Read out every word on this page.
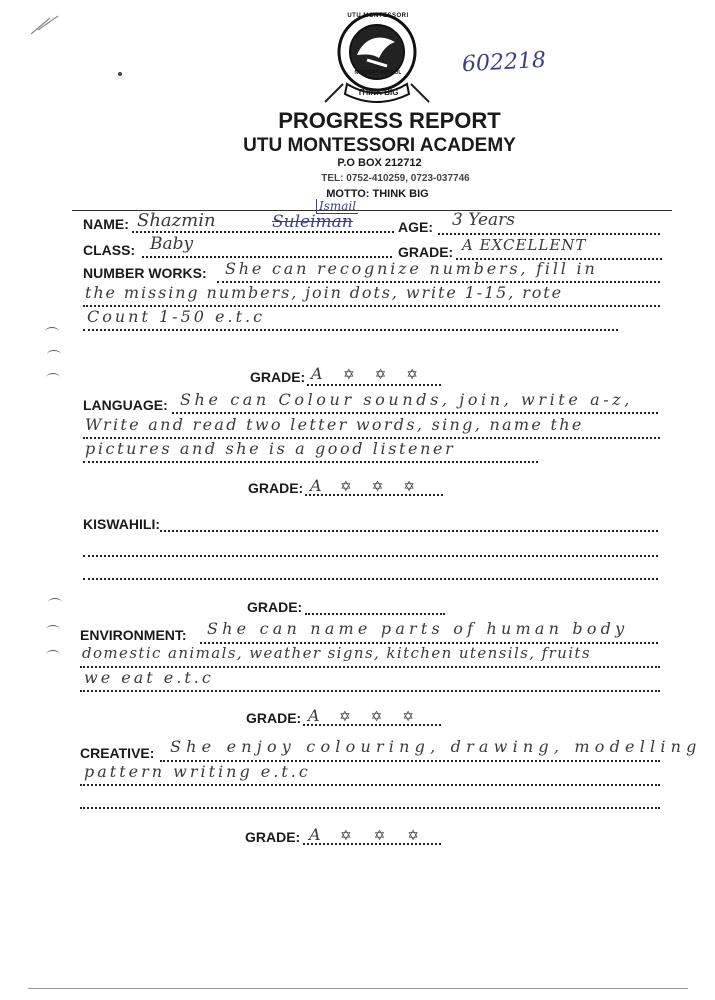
UTU MONTESSORI
NURSERY SCHOOL
THINK BIG
602218
PROGRESS REPORT
UTU MONTESSORI ACADEMY
P.O BOX 212712
TEL: 0752-410259, 0723-037746
MOTTO: THINK BIG
NAME: Shazmin	Suleiman
Ismail
AGE: 3 Years
CLASS: Baby	GRADE: A EXCELLENT
NUMBER WORKS: She can recognize numbers, fill in
the missing numbers, join dots, write 1-15, rote
Count 1-50 e.t.c
GRADE: A ✡ ✡ ✡
LANGUAGE: She can Colour sounds, join, write a-z,
Write and read two letter words, sing, name the
pictures and she is a good listener
GRADE: A ✡ ✡ ✡
KISWAHILI:
GRADE:
ENVIRONMENT: She can name parts of human body
domestic animals, weather signs, kitchen utensils, fruits
we eat e.t.c
GRADE: A ✡ ✡ ✡
CREATIVE: She enjoy colouring, drawing, modelling
pattern writing e.t.c
GRADE: A ✡ ✡ ✡
